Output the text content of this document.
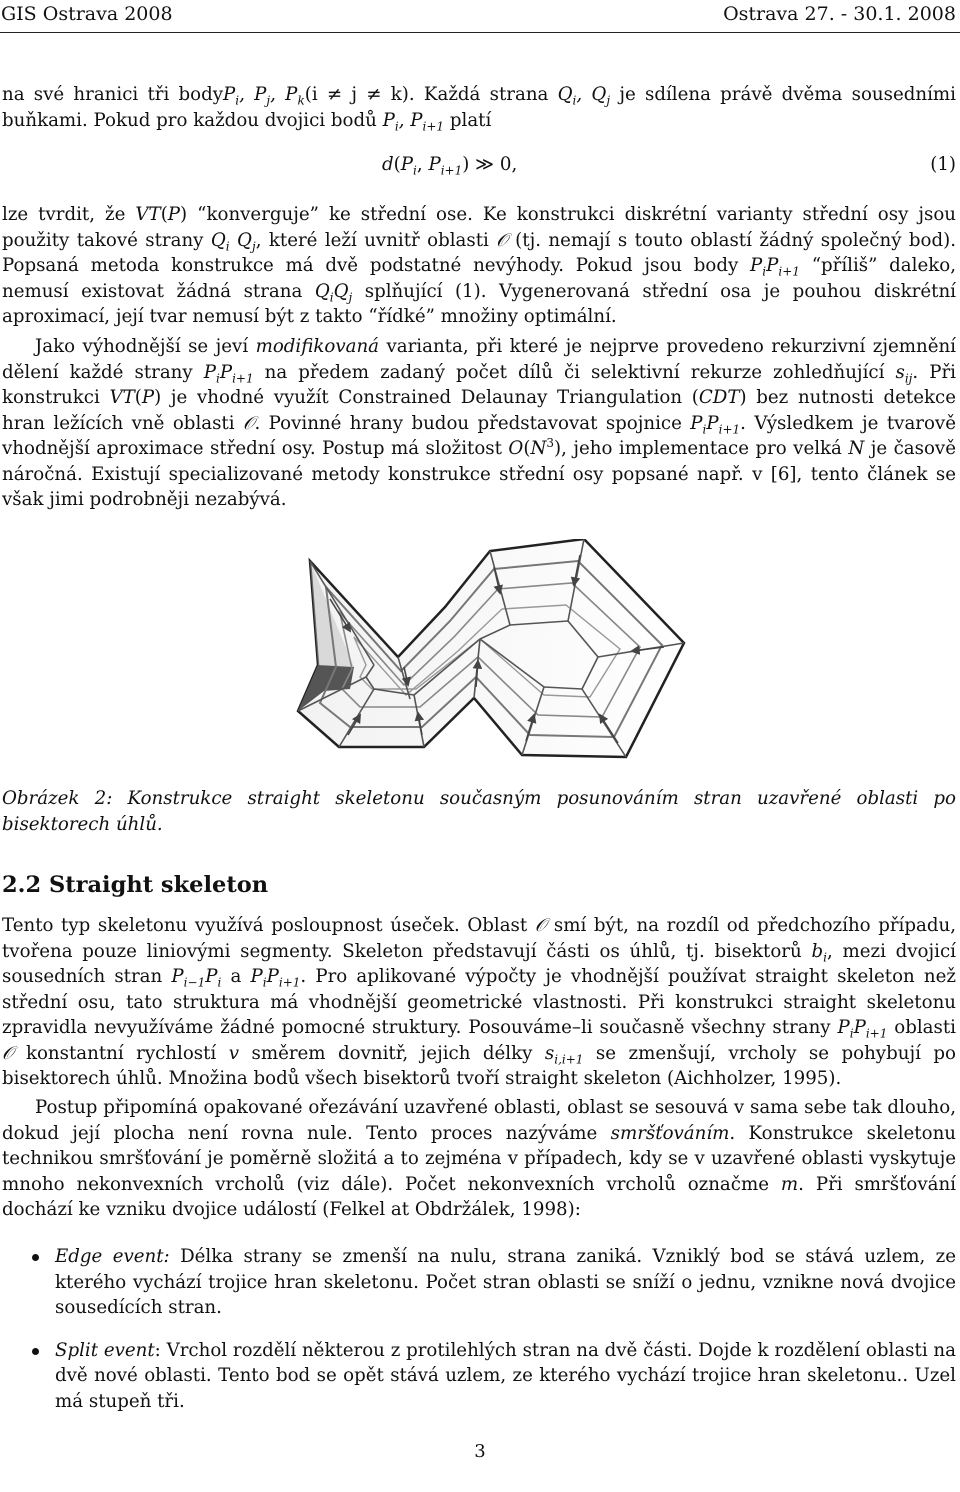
GIS Ostrava 2008	Ostrava 27. - 30.1. 2008

na své hranici tři bodyP$_i$, $P_j$, $P_k(i \ne j \ne k)$. Každá strana $Q_i$, $Q_j$ je sdílena právě dvěma sousedními buňkami. Pokud pro každou dvojici bodů $P_i$, $P_{i+1}$ platí

$d(P_i$, $P_{i+1}$) ≫ 0,	(1)

lze tvrdit, že VT(P) “konverguje” ke střední ose. Ke konstrukci diskrétní varianty střední osy jsou použity takové strany $Q_i$ $Q_j$, které leží uvnitř oblasti 𝒪 (tj. nemají s touto oblastí žádný společný bod). Popsaná metoda konstrukce má dvě podstatné nevýhody. Pokud jsou body $P_iP_{i+1}$ “příliš” daleko, nemusí existovat žádná strana $Q_iQ_j$ splňující (1). Vygenerovaná střední osa je pouhou diskrétní aproximací, její tvar nemusí být z takto “řídké” množiny optimální.

Jako výhodnější se jeví modifikovaná varianta, při které je nejprve provedeno rekurzivní zjemnění dělení každé strany $P_iP_{i+1}$ na předem zadaný počet dílů či selektivní rekurze zohledňující $s_{ij}$. Při konstrukci VT(P) je vhodné využít Constrained Delaunay Triangulation (CDT) bez nutnosti detekce hran ležících vně oblasti 𝒪. Povinné hrany budou představovat spojnice $P_iP_{i+1}$. Výsledkem je tvarově vhodnější aproximace střední osy. Postup má složitost $O(N^3)$, jeho implementace pro velká N je časově náročná. Existují specializované metody konstrukce střední osy popsané např. v [6], tento článek se však jimi podrobněji nezabývá.

Obrázek 2: Konstrukce straight skeletonu současným posunováním stran uzavřené oblasti po bisektorech úhlů.
2.2 Straight skeleton

Tento typ skeletonu využívá posloupnost úseček. Oblast 𝒪 smí být, na rozdíl od předchozího případu, tvořena pouze liniovými segmenty. Skeleton představují části os úhlů, tj. bisektorů $b_i$, mezi dvojicí sousedních stran $P_{i-1}P_i$ a $P_iP_{i+1}$. Pro aplikované výpočty je vhodnější používat straight skeleton než střední osu, tato struktura má vhodnější geometrické vlastnosti. Při konstrukci straight skeletonu zpravidla nevyužíváme žádné pomocné struktury. Posouváme–li současně všechny strany $P_iP_{i+1}$ oblasti 𝒪 konstantní rychlostí v směrem dovnitř, jejich délky $s_{i,i+1}$ se zmenšují, vrcholy se pohybují po bisektorech úhlů. Množina bodů všech bisektorů tvoří straight skeleton (Aichholzer, 1995).

Postup připomíná opakované ořezávání uzavřené oblasti, oblast se sesouvá v sama sebe tak dlouho, dokud její plocha není rovna nule. Tento proces nazýváme smršťováním. Konstrukce skeletonu technikou smršťování je poměrně složitá a to zejména v případech, kdy se v uzavřené oblasti vyskytuje mnoho nekonvexních vrcholů (viz dále). Počet nekonvexních vrcholů označme m. Při smršťování dochází ke vzniku dvojice událostí (Felkel at Obdržálek, 1998):

Edge event: Délka strany se zmenší na nulu, strana zaniká. Vzniklý bod se stává uzlem, ze kterého vychází trojice hran skeletonu. Počet stran oblasti se sníží o jednu, vznikne nová dvojice sousedících stran.
Split event: Vrchol rozdělí některou z protilehlých stran na dvě části. Dojde k rozdělení oblasti na dvě nové oblasti. Tento bod se opět stává uzlem, ze kterého vychází trojice hran skeletonu.. Uzel má stupeň tři.
3
